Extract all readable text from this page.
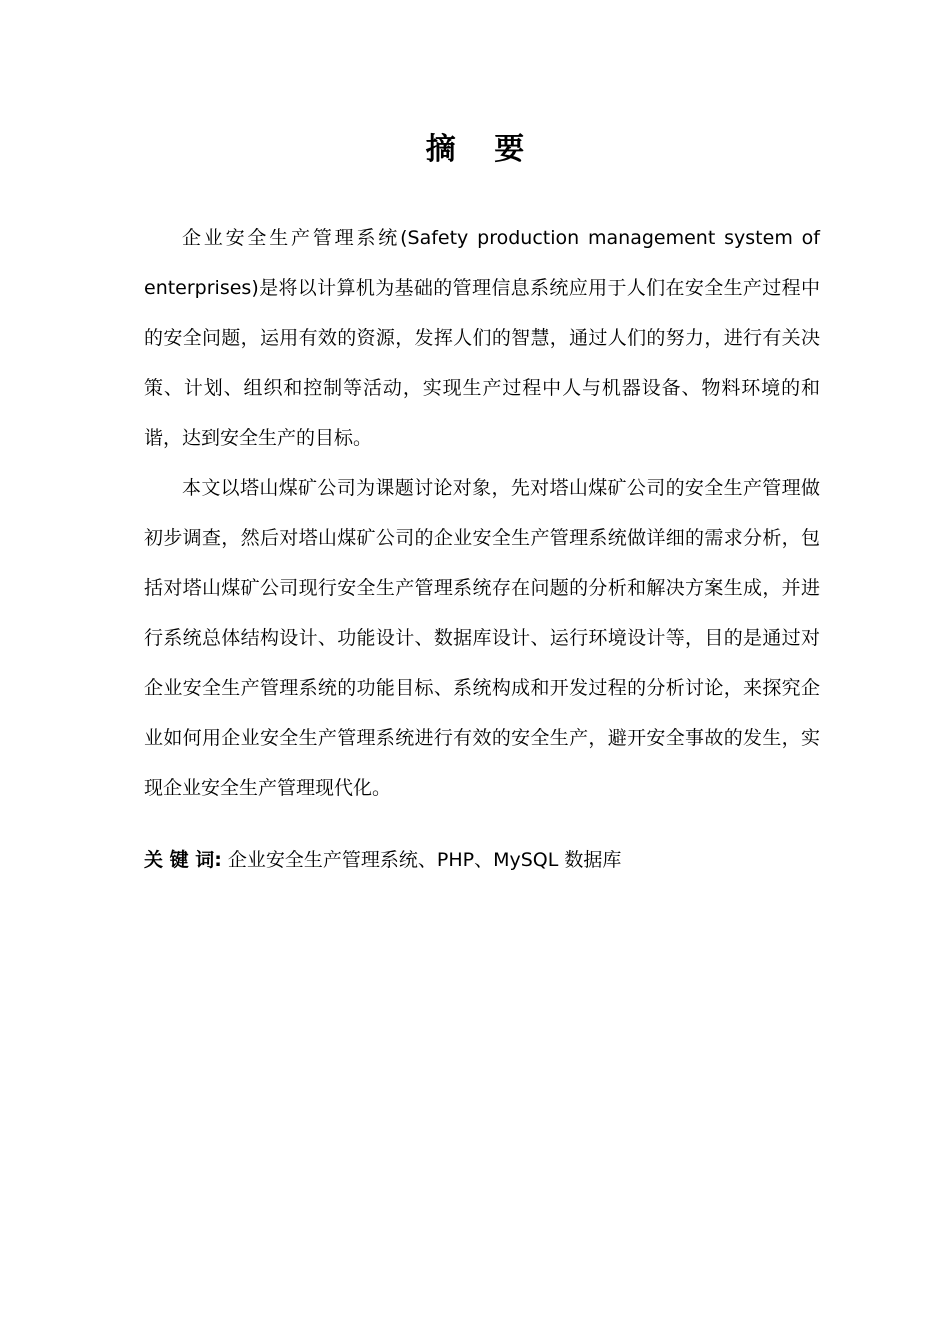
摘 要

企业安全生产管理系统(Safety production management system of enterprises)是将以计算机为基础的管理信息系统应用于人们在安全生产过程中的安全问题，运用有效的资源，发挥人们的智慧，通过人们的努力，进行有关决策、计划、组织和控制等活动，实现生产过程中人与机器设备、物料环境的和谐，达到安全生产的目标。

本文以塔山煤矿公司为课题讨论对象，先对塔山煤矿公司的安全生产管理做初步调查，然后对塔山煤矿公司的企业安全生产管理系统做详细的需求分析，包括对塔山煤矿公司现行安全生产管理系统存在问题的分析和解决方案生成，并进行系统总体结构设计、功能设计、数据库设计、运行环境设计等，目的是通过对企业安全生产管理系统的功能目标、系统构成和开发过程的分析讨论，来探究企业如何用企业安全生产管理系统进行有效的安全生产，避开安全事故的发生，实现企业安全生产管理现代化。

关 键 词: 企业安全生产管理系统、PHP、MySQL 数据库
